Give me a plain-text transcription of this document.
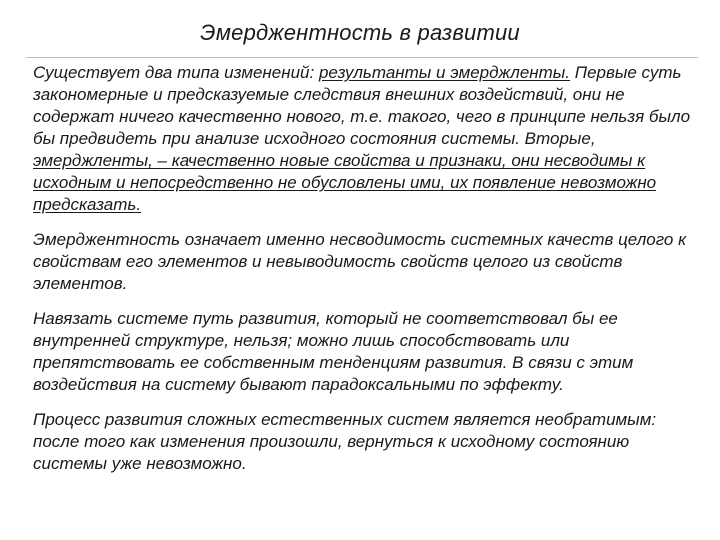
Эмерджентность в развитии

Существует два типа изменений: результанты и эмерджленты. Первые суть закономерные и предсказуемые следствия внешних воздействий, они не содержат ничего качественно нового, т.е. такого, чего в принципе нельзя было бы предвидеть при анализе исходного состояния системы. Вторые, эмерджленты, – качественно новые свойства и признаки, они несводимы к исходным и непосредственно не обусловлены ими, их появление невозможно предсказать.

Эмерджентность означает именно несводимость системных качеств целого к свойствам его элементов и невыводимость свойств целого из свойств элементов.

Навязать системе путь развития, который не соответствовал бы ее внутренней структуре, нельзя; можно лишь способствовать или препятствовать ее собственным тенденциям развития. В связи с этим воздействия на систему бывают парадоксальными по эффекту.

Процесс развития сложных естественных систем является необратимым: после того как изменения произошли, вернуться к исходному состоянию системы уже невозможно.
